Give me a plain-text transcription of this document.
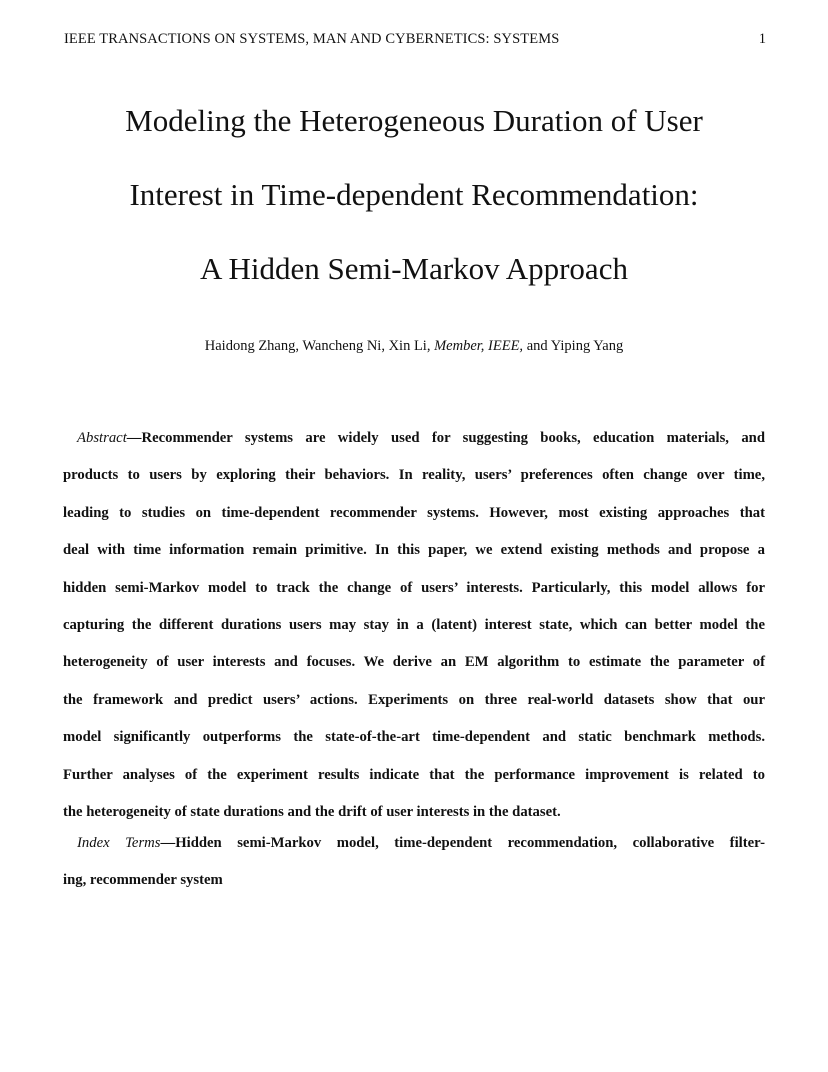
IEEE TRANSACTIONS ON SYSTEMS, MAN AND CYBERNETICS: SYSTEMS	1
Modeling the Heterogeneous Duration of User
Interest in Time-dependent Recommendation:
A Hidden Semi-Markov Approach
Haidong Zhang, Wancheng Ni, Xin Li, Member, IEEE, and Yiping Yang
Abstract—Recommender systems are widely used for suggesting books, education materials, and
products to users by exploring their behaviors. In reality, users’ preferences often change over time,
leading to studies on time-dependent recommender systems. However, most existing approaches that
deal with time information remain primitive. In this paper, we extend existing methods and propose a
hidden semi-Markov model to track the change of users’ interests. Particularly, this model allows for
capturing the different durations users may stay in a (latent) interest state, which can better model the
heterogeneity of user interests and focuses. We derive an EM algorithm to estimate the parameter of
the framework and predict users’ actions. Experiments on three real-world datasets show that our
model significantly outperforms the state-of-the-art time-dependent and static benchmark methods.
Further analyses of the experiment results indicate that the performance improvement is related to
the heterogeneity of state durations and the drift of user interests in the dataset.
Index Terms—Hidden semi-Markov model, time-dependent recommendation, collaborative filter-
ing, recommender system
